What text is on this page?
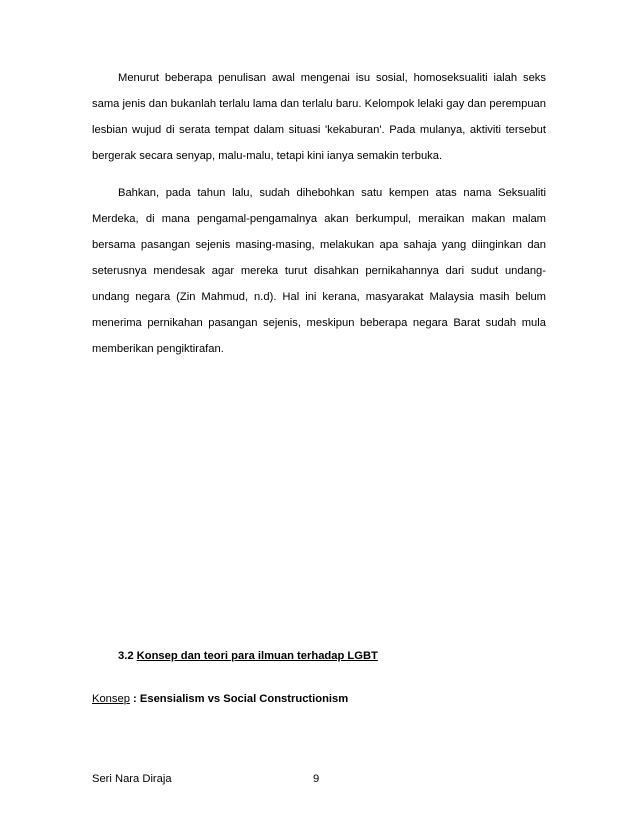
Menurut beberapa penulisan awal mengenai isu sosial, homoseksualiti ialah seks sama jenis dan bukanlah terlalu lama dan terlalu baru. Kelompok lelaki gay dan perempuan lesbian wujud di serata tempat dalam situasi 'kekaburan'. Pada mulanya, aktiviti tersebut bergerak secara senyap, malu-malu, tetapi kini ianya semakin terbuka.

Bahkan, pada tahun lalu, sudah dihebohkan satu kempen atas nama Seksualiti Merdeka, di mana pengamal-pengamalnya akan berkumpul, meraikan makan malam bersama pasangan sejenis masing-masing, melakukan apa sahaja yang diinginkan dan seterusnya mendesak agar mereka turut disahkan pernikahannya dari sudut undang-undang negara (Zin Mahmud, n.d). Hal ini kerana, masyarakat Malaysia masih belum menerima pernikahan pasangan sejenis, meskipun beberapa negara Barat sudah mula memberikan pengiktirafan.

3.2 Konsep dan teori para ilmuan terhadap LGBT

Konsep : Esensialism vs Social Constructionism

Seri Nara Diraja	9
